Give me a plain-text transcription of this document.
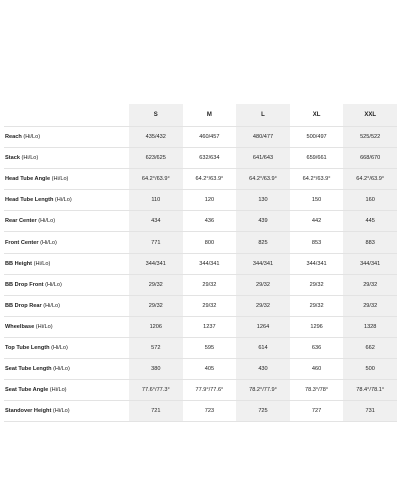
	S	M	L	XL	XXL
Reach (Hi/Lo)	435/432	460/457	480/477	500/497	525/522
Stack (Hi/Lo)	623/625	632/634	641/643	659/661	668/670
Head Tube Angle (Hi/Lo)	64.2°/63.9°	64.2°/63.9°	64.2°/63.9°	64.2°/63.9°	64.2°/63.9°
Head Tube Length (Hi/Lo)	110	120	130	150	160
Rear Center (Hi/Lo)	434	436	439	442	445
Front Center (Hi/Lo)	771	800	825	853	883
BB Height (Hi/Lo)	344/341	344/341	344/341	344/341	344/341
BB Drop Front (Hi/Lo)	29/32	29/32	29/32	29/32	29/32
BB Drop Rear (Hi/Lo)	29/32	29/32	29/32	29/32	29/32
Wheelbase (Hi/Lo)	1206	1237	1264	1296	1328
Top Tube Length (Hi/Lo)	572	595	614	636	662
Seat Tube Length (Hi/Lo)	380	405	430	460	500
Seat Tube Angle (Hi/Lo)	77.6°/77.3°	77.9°/77.6°	78.2°/77.9°	78.3°/78°	78.4°/78.1°
Standover Height (Hi/Lo)	721	723	725	727	731
